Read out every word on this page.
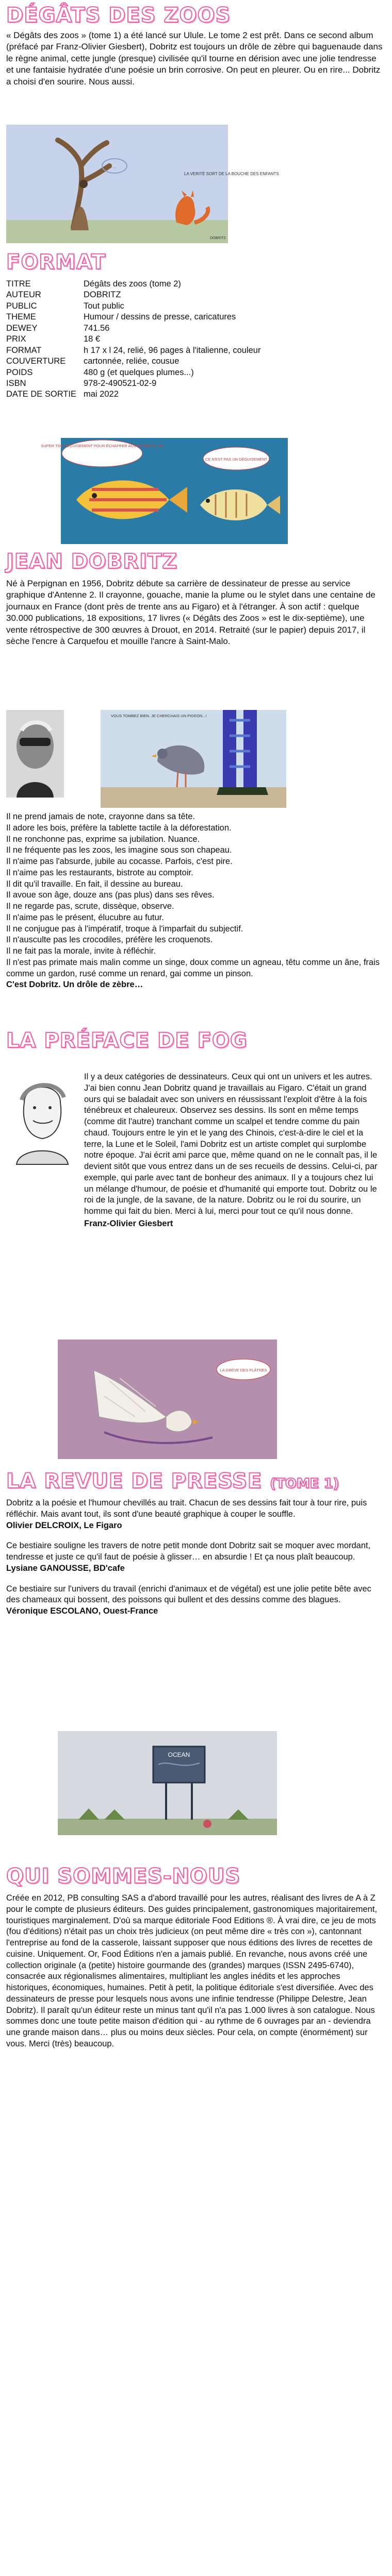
DÉGÂTS DES ZOOS

« Dégâts des zoos » (tome 1) a été lancé sur Ulule. Le tome 2 est prêt. Dans ce second album (préfacé par Franz-Olivier Giesbert), Dobritz est toujours un drôle de zèbre qui baguenaude dans le règne animal, cette jungle (presque) civilisée qu'il tourne en dérision avec une jolie tendresse et une fantaisie hydratée d'une poésie un brin corrosive. On peut en pleurer. Ou en rire... Dobritz a choisi d'en sourire. Nous aussi.

...
LA VERITÉ SORT DE LA BOUCHE DES ENFANTS
DOBRITZ
FORMAT
TITRE	Dégâts des zoos (tome 2)
AUTEUR	DOBRITZ
PUBLIC	Tout public
THEME	Humour / dessins de presse, caricatures
DEWEY	741.56
PRIX	18 €
FORMAT	h 17 x l 24, relié, 96 pages à l'italienne, couleur
COUVERTURE	cartonnée, reliée, cousue
POIDS	480 g (et quelques plumes...)
ISBN	978-2-490521-02-9
DATE DE SORTIE	mai 2022
SUPER TON DÉGUISEMENT POUR ÉCHAPPER AUX PRÉDATEURS
CE N'EST PAS UN DÉGUISEMENT
JEAN DOBRITZ

Né à Perpignan en 1956, Dobritz débute sa carrière de dessinateur de presse au service graphique d'Antenne 2. Il crayonne, gouache, manie la plume ou le stylet dans une centaine de journaux en France (dont près de trente ans au Figaro) et à l'étranger. À son actif : quelque 30.000 publications, 18 expositions, 17 livres (« Dégâts des Zoos » est le dix-septième), une vente rétrospective de 300 œuvres à Drouot, en 2014. Retraité (sur le papier) depuis 2017, il sèche l'encre à Carquefou et mouille l'ancre à Saint-Malo.

VOUS TOMBEZ BIEN. JE CHERCHAIS UN PIGEON...!
Il ne prend jamais de note, crayonne dans sa tête.
Il adore les bois, préfère la tablette tactile à la déforestation.
Il ne ronchonne pas, exprime sa jubilation. Nuance.
Il ne fréquente pas les zoos, les imagine sous son chapeau.
Il n'aime pas l'absurde, jubile au cocasse. Parfois, c'est pire.
Il n'aime pas les restaurants, bistrote au comptoir.
Il dit qu'il travaille. En fait, il dessine au bureau.
Il avoue son âge, douze ans (pas plus) dans ses rêves.
Il ne regarde pas, scrute, dissèque, observe.
Il n'aime pas le présent, élucubre au futur.
Il ne conjugue pas à l'impératif, troque à l'imparfait du subjectif.
Il n'ausculte pas les crocodiles, préfère les croquenots.
Il ne fait pas la morale, invite à réfléchir.
Il n'est pas primate mais malin comme un singe, doux comme un agneau, têtu comme un âne, frais comme un gardon, rusé comme un renard, gai comme un pinson.
C'est Dobritz. Un drôle de zèbre…
LA PRÉFACE DE FOG

Il y a deux catégories de dessinateurs. Ceux qui ont un univers et les autres. J'ai bien connu Jean Dobritz quand je travaillais au Figaro. C'était un grand ours qui se baladait avec son univers en réussissant l'exploit d'être à la fois ténébreux et chaleureux. Observez ses dessins. Ils sont en même temps (comme dit l'autre) tranchant comme un scalpel et tendre comme du pain chaud. Toujours entre le yin et le yang des Chinois, c'est-à-dire le ciel et la terre, la Lune et le Soleil, l'ami Dobritz est un artiste complet qui surplombe notre époque. J'ai écrit ami parce que, même quand on ne le connaît pas, il le devient sitôt que vous entrez dans un de ses recueils de dessins. Celui-ci, par exemple, qui parle avec tant de bonheur des animaux. Il y a toujours chez lui un mélange d'humour, de poésie et d'humanité qui emporte tout. Dobritz ou le roi de la jungle, de la savane, de la nature. Dobritz ou le roi du sourire, un homme qui fait du bien. Merci à lui, merci pour tout ce qu'il nous donne.

Franz-Olivier Giesbert

LA GRÈVE DES PLÂTRES
LA REVUE DE PRESSE (TOME 1)

Dobritz a la poésie et l'humour chevillés au trait. Chacun de ses dessins fait tour à tour rire, puis réfléchir. Mais avant tout, ils sont d'une beauté graphique à couper le souffle.

Olivier DELCROIX, Le Figaro

Ce bestiaire souligne les travers de notre petit monde dont Dobritz sait se moquer avec mordant, tendresse et juste ce qu'il faut de poésie à glisser… en absurdie ! Et ça nous plaît beaucoup.

Lysiane GANOUSSE, BD'cafe

Ce bestiaire sur l'univers du travail (enrichi d'animaux et de végétal) est une jolie petite bête avec des chameaux qui bossent, des poissons qui bullent et des dessins comme des blagues.

Véronique ESCOLANO, Ouest-France

OCEAN
QUI SOMMES-NOUS

Créée en 2012, PB consulting SAS a d'abord travaillé pour les autres, réalisant des livres de A à Z pour le compte de plusieurs éditeurs. Des guides principalement, gastronomiques majoritairement, touristiques marginalement. D'où sa marque éditoriale Food Editions ®. À vrai dire, ce jeu de mots (fou d'éditions) n'était pas un choix très judicieux (on peut même dire « très con »), cantonnant l'entreprise au fond de la casserole, laissant supposer que nous éditions des livres de recettes de cuisine. Uniquement. Or, Food Éditions n'en a jamais publié. En revanche, nous avons créé une collection originale (a (petite) histoire gourmande des (grandes) marques (ISSN 2495-6740), consacrée aux régionalismes alimentaires, multipliant les angles inédits et les approches historiques, économiques, humaines. Petit à petit, la politique éditoriale s'est diversifiée. Avec des dessinateurs de presse pour lesquels nous avons une infinie tendresse (Philippe Delestre, Jean Dobritz). Il paraît qu'un éditeur reste un minus tant qu'il n'a pas 1.000 livres à son catalogue. Nous sommes donc une toute petite maison d'édition qui - au rythme de 6 ouvrages par an - deviendra une grande maison dans… plus ou moins deux siècles. Pour cela, on compte (énormément) sur vous. Merci (très) beaucoup.
